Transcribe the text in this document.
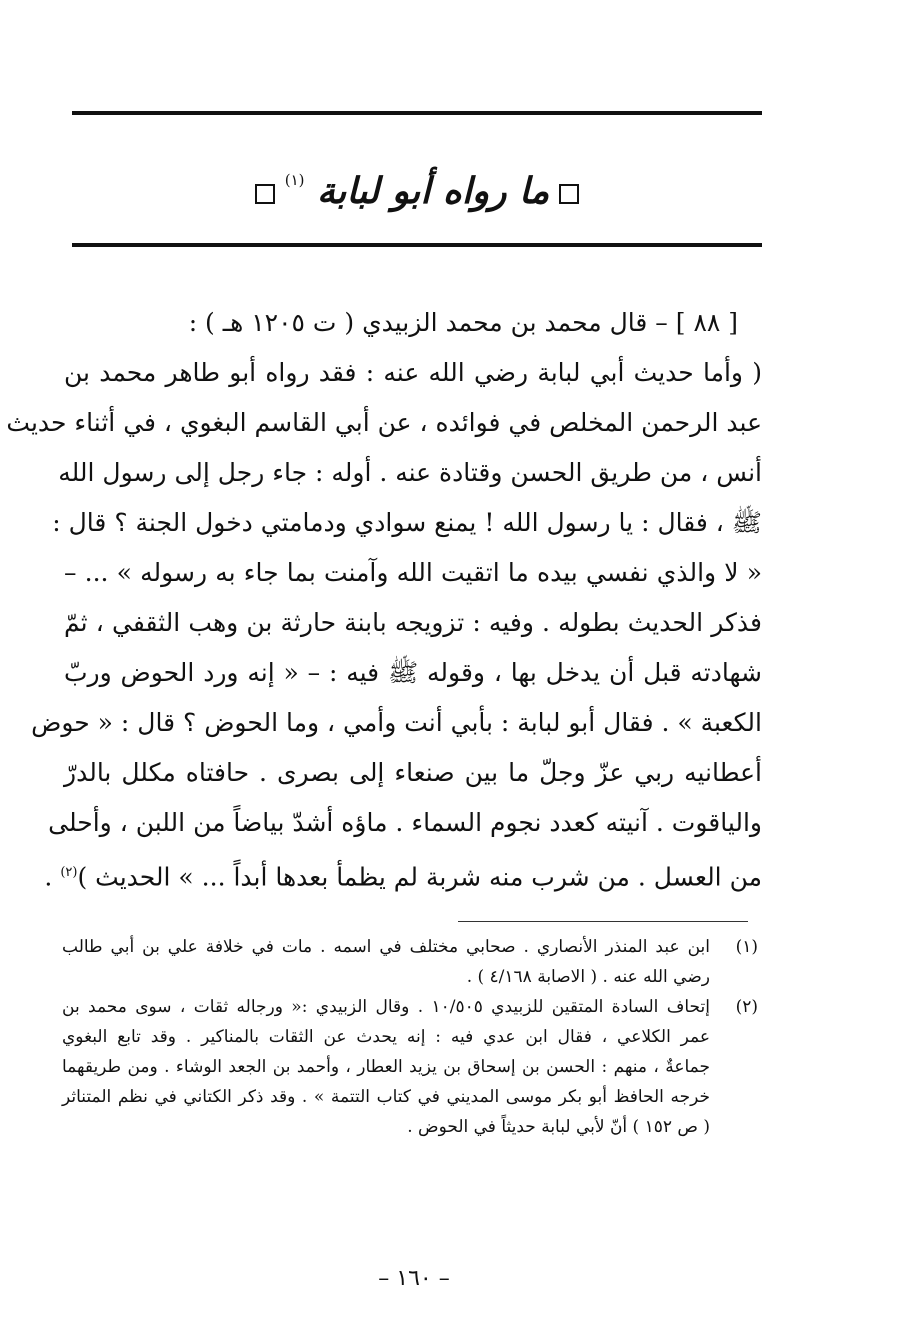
ما رواه أبو لبابة $^{(١)}$
[ ٨٨ ] – قال محمد بن محمد الزبيدي ( ت ١٢٠٥ هـ ) :
( وأما حديث أبي لبابة رضي الله عنه : فقد رواه أبو طاهر محمد بن
عبد الرحمن المخلص في فوائده ، عن أبي القاسم البغوي ، في أثناء حديث
أنس ، من طريق الحسن وقتادة عنه . أوله : جاء رجل إلى رسول الله
ﷺ ، فقال : يا رسول الله ! يمنع سوادي ودمامتي دخول الجنة ؟ قال :
« لا والذي نفسي بيده ما اتقيت الله وآمنت بما جاء به رسوله » ... –
فذكر الحديث بطوله . وفيه : تزويجه بابنة حارثة بن وهب الثقفي ، ثمّ
شهادته قبل أن يدخل بها ، وقوله ﷺ فيه : – « إنه ورد الحوض وربّ
الكعبة » . فقال أبو لبابة : بأبي أنت وأمي ، وما الحوض ؟ قال : « حوض
أعطانيه ربي عزّ وجلّ ما بين صنعاء إلى بصرى . حافتاه مكلل بالدرّ
والياقوت . آنيته كعدد نجوم السماء . ماؤه أشدّ بياضاً من اللبن ، وأحلى
من العسل . من شرب منه شربة لم يظمأ بعدها أبداً ... » الحديث )$^{(٢)}$ .
(١)ابن عبد المنذر الأنصاري . صحابي مختلف في اسمه . مات في خلافة علي بن أبي طالب
رضي الله عنه . ( الاصابة ٤/١٦٨ ) .
(٢)إتحاف السادة المتقين للزبيدي ١٠/٥٠٥ . وقال الزبيدي :« ورجاله ثقات ، سوى محمد بن
عمر الكلاعي ، فقال ابن عدي فيه : إنه يحدث عن الثقات بالمناكير . وقد تابع البغوي
جماعةٌ ، منهم : الحسن بن إسحاق بن يزيد العطار ، وأحمد بن الجعد الوشاء . ومن طريقهما
خرجه الحافظ أبو بكر موسى المديني في كتاب التتمة » . وقد ذكر الكتاني في نظم المتناثر
( ص ١٥٢ ) أنّ لأبي لبابة حديثاً في الحوض .
– ١٦٠ –
